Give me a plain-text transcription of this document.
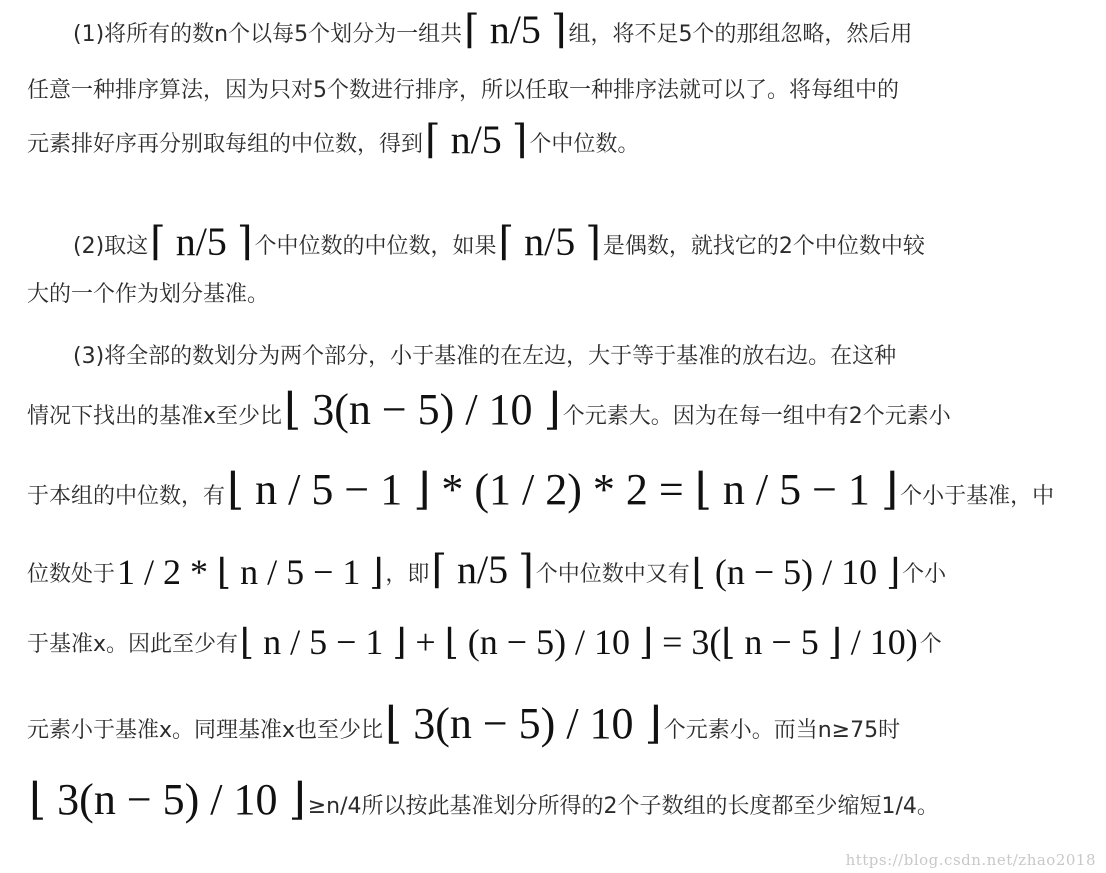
(1)将所有的数n个以每5个划分为一组共 ⌈ n/5 ⌉ 组，将不足5个的那组忽略，然后用
任意一种排序算法，因为只对5个数进行排序，所以任取一种排序法就可以了。将每组中的
元素排好序再分别取每组的中位数，得到 ⌈ n/5 ⌉ 个中位数。
(2)取这 ⌈ n/5 ⌉ 个中位数的中位数，如果 ⌈ n/5 ⌉ 是偶数，就找它的2个中位数中较
大的一个作为划分基准。
(3)将全部的数划分为两个部分，小于基准的在左边，大于等于基准的放右边。在这种
情况下找出的基准x至少比 ⌊ 3(n − 5) / 10 ⌋ 个元素大。因为在每一组中有2个元素小
于本组的中位数，有 ⌊ n / 5 − 1 ⌋ * (1 / 2) * 2 = ⌊ n / 5 − 1 ⌋ 个小于基准，中
位数处于 1 / 2 * ⌊ n / 5 − 1 ⌋ ，即 ⌈ n/5 ⌉ 个中位数中又有 ⌊ (n − 5) / 10 ⌋ 个小
于基准x。因此至少有 ⌊ n / 5 − 1 ⌋ + ⌊ (n − 5) / 10 ⌋ = 3(⌊ n − 5 ⌋ / 10) 个
元素小于基准x。同理基准x也至少比 ⌊ 3(n − 5) / 10 ⌋ 个元素小。而当n≥75时
⌊ 3(n − 5) / 10 ⌋ ≥n/4所以按此基准划分所得的2个子数组的长度都至少缩短1/4。
https://blog.csdn.net/zhao2018
